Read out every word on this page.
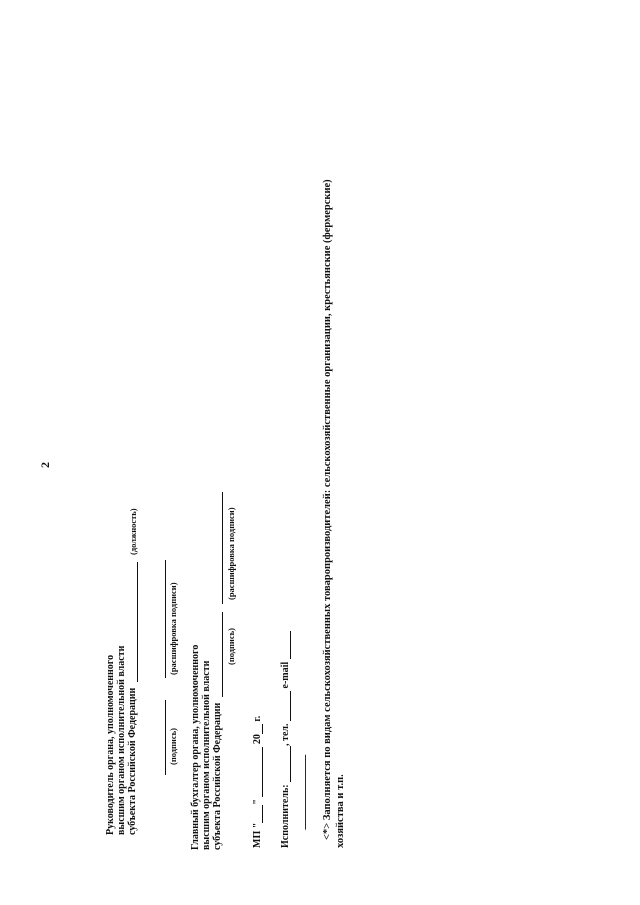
2
Руководитель органа, уполномоченного высшим органом исполнительной власти субъекта Российской Федерации
(должность)
(подпись)
(расшифровка подписи)
Главный бухгалтер органа, уполномоченного высшим органом исполнительной власти субъекта Российской Федерации
(подпись)
(расшифровка подписи)
МП ""  20 г.
Исполнитель: , тел.  e-mail
-------------------------------- <*> Заполняется по видам сельскохозяйственных товаропроизводителей: сельскохозяйственные организации, крестьянские (фермерские) хозяйства и т.п.
